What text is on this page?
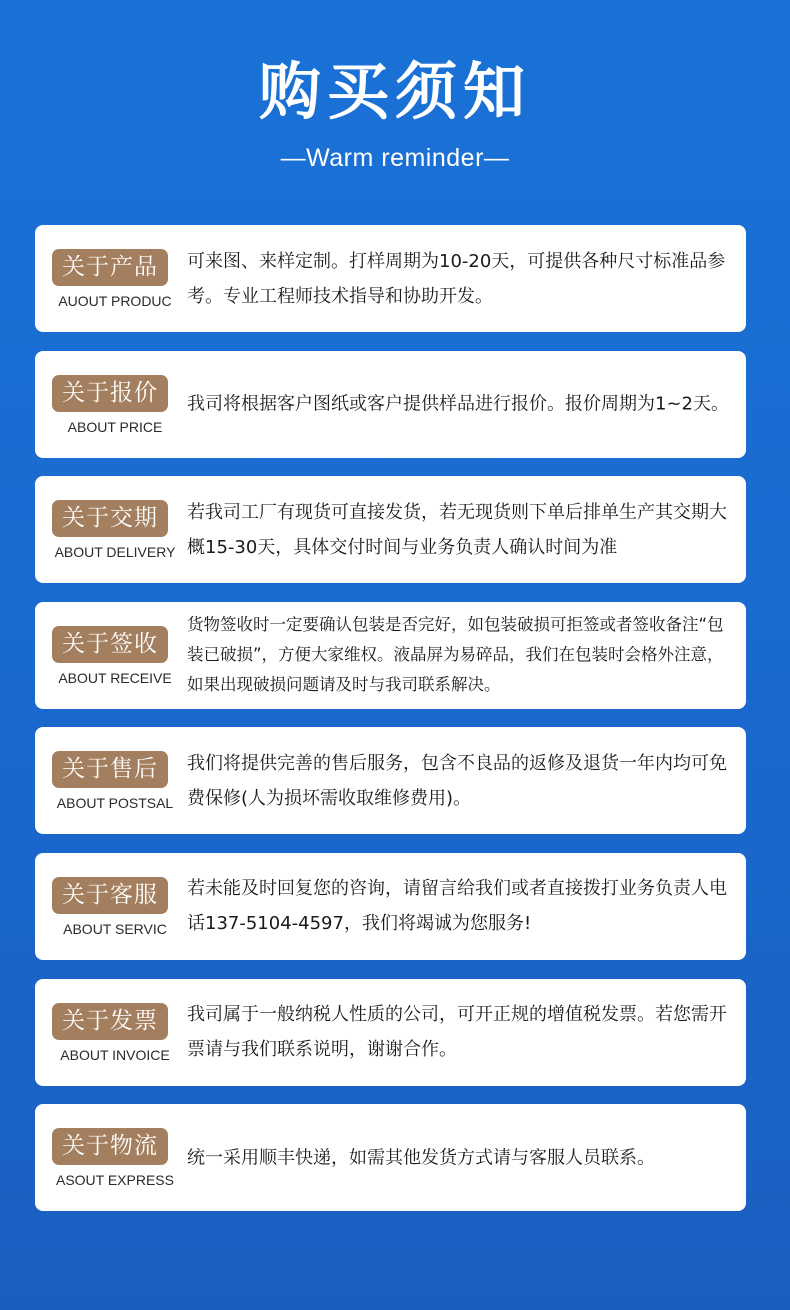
购买须知
—Warm reminder—
关于产品
AUOUT PRODUC
可来图、来样定制。打样周期为10-20天，可提供各种尺寸标准品参考。专业工程师技术指导和协助开发。
关于报价
ABOUT PRICE
我司将根据客户图纸或客户提供样品进行报价。报价周期为1~2天。
关于交期
ABOUT DELIVERY
若我司工厂有现货可直接发货，若无现货则下单后排单生产其交期大概15-30天，具体交付时间与业务负责人确认时间为准
关于签收
ABOUT RECEIVE
货物签收时一定要确认包装是否完好，如包装破损可拒签或者签收备注“包装已破损”，方便大家维权。液晶屏为易碎品，我们在包装时会格外注意，如果出现破损问题请及时与我司联系解决。
关于售后
ABOUT POSTSAL
我们将提供完善的售后服务，包含不良品的返修及退货一年内均可免费保修(人为损坏需收取维修费用)。
关于客服
ABOUT SERVIC
若未能及时回复您的咨询，请留言给我们或者直接拨打业务负责人电话137-5104-4597，我们将竭诚为您服务!
关于发票
ABOUT INVOICE
我司属于一般纳税人性质的公司，可开正规的增值税发票。若您需开票请与我们联系说明，谢谢合作。
关于物流
ASOUT EXPRESS
统一采用顺丰快递，如需其他发货方式请与客服人员联系。
